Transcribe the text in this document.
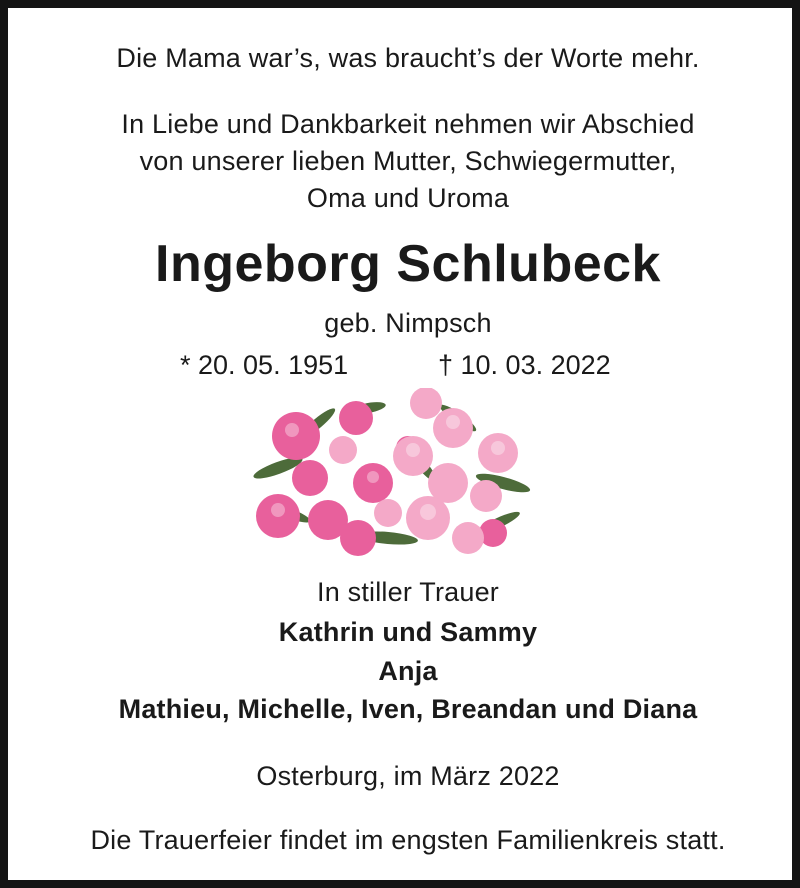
Die Mama war’s, was braucht’s der Worte mehr.
In Liebe und Dankbarkeit nehmen wir Abschied
von unserer lieben Mutter, Schwiegermutter,
Oma und Uroma
Ingeborg Schlubeck
geb. Nimpsch
* 20. 05. 1951	† 10. 03. 2022
In stiller Trauer
Kathrin und Sammy
Anja
Mathieu, Michelle, Iven, Breandan und Diana
Osterburg, im März 2022
Die Trauerfeier findet im engsten Familienkreis statt.
